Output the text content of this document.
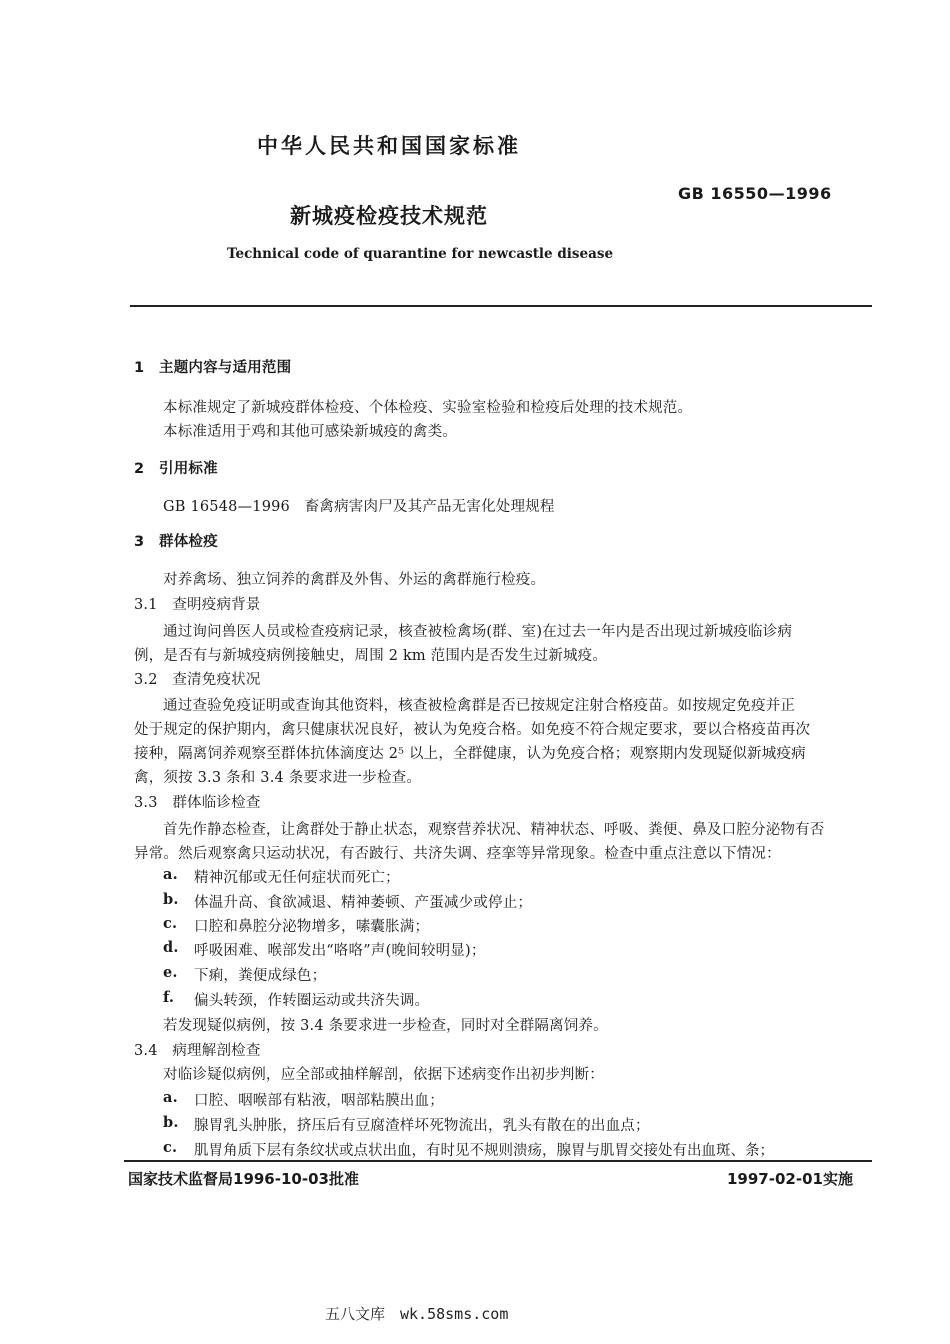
中华人民共和国国家标准
GB 16550—1996
新城疫检疫技术规范
Technical code of quarantine for newcastle disease
1　主题内容与适用范围
本标准规定了新城疫群体检疫、个体检疫、实验室检验和检疫后处理的技术规范。
本标准适用于鸡和其他可感染新城疫的禽类。
2　引用标准
GB 16548—1996　畜禽病害肉尸及其产品无害化处理规程
3　群体检疫
对养禽场、独立饲养的禽群及外售、外运的禽群施行检疫。
3.1　查明疫病背景
通过询问兽医人员或检查疫病记录，核查被检禽场(群、室)在过去一年内是否出现过新城疫临诊病
例，是否有与新城疫病例接触史，周围 2 km 范围内是否发生过新城疫。
3.2　查清免疫状况
通过查验免疫证明或查询其他资料，核查被检禽群是否已按规定注射合格疫苗。如按规定免疫并正
处于规定的保护期内，禽只健康状况良好，被认为免疫合格。如免疫不符合规定要求，要以合格疫苗再次
接种，隔离饲养观察至群体抗体滴度达 2⁵ 以上，全群健康，认为免疫合格；观察期内发现疑似新城疫病
禽，须按 3.3 条和 3.4 条要求进一步检查。
3.3　群体临诊检查
首先作静态检查，让禽群处于静止状态，观察营养状况、精神状态、呼吸、粪便、鼻及口腔分泌物有否
异常。然后观察禽只运动状况，有否跛行、共济失调、痉挛等异常现象。检查中重点注意以下情况：
a. 精神沉郁或无任何症状而死亡；
b. 体温升高、食欲减退、精神萎顿、产蛋减少或停止；
c. 口腔和鼻腔分泌物增多，嗉囊胀满；
d. 呼吸困难、喉部发出“咯咯”声(晚间较明显)；
e. 下痢，粪便成绿色；
f. 偏头转颈，作转圈运动或共济失调。
若发现疑似病例，按 3.4 条要求进一步检查，同时对全群隔离饲养。
3.4　病理解剖检查
对临诊疑似病例，应全部或抽样解剖，依据下述病变作出初步判断：
a. 口腔、咽喉部有粘液，咽部粘膜出血；
b. 腺胃乳头肿胀，挤压后有豆腐渣样坏死物流出，乳头有散在的出血点；
c. 肌胃角质下层有条纹状或点状出血，有时见不规则溃疡，腺胃与肌胃交接处有出血斑、条；
国家技术监督局1996-10-03批准	1997-02-01实施
五八文库　wk.58sms.com
